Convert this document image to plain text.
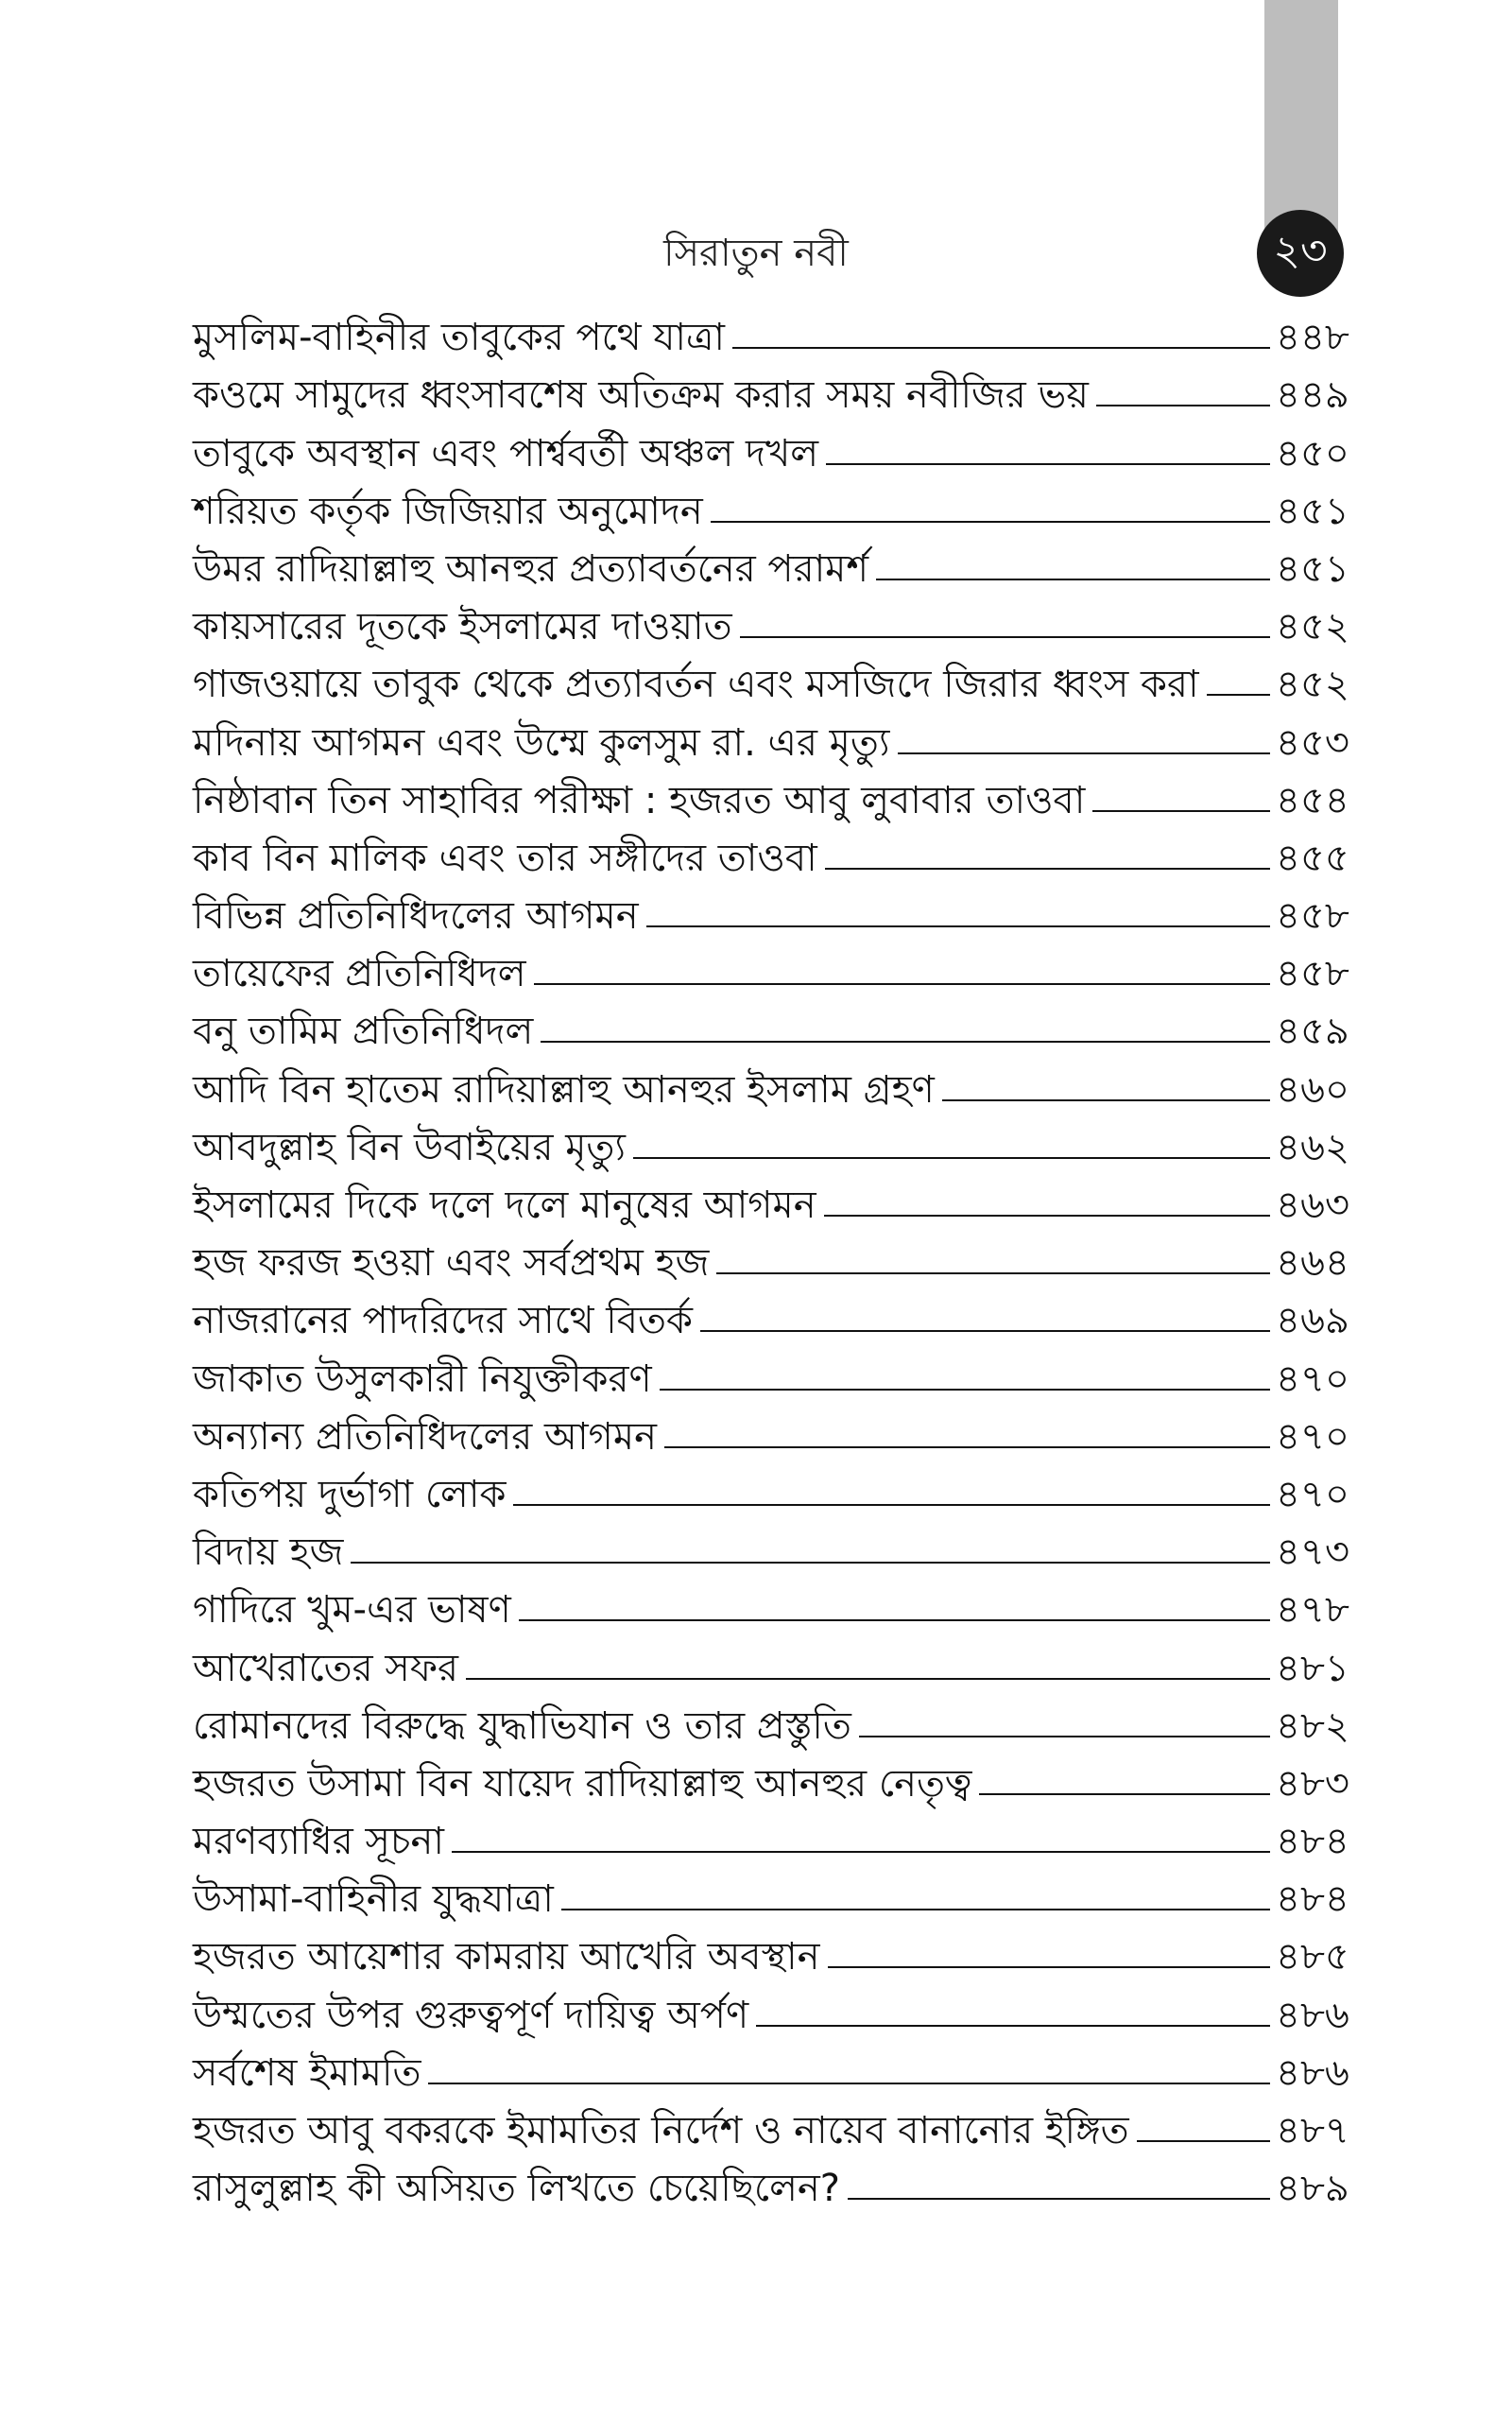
২৩
সিরাতুন নবী
মুসলিম-বাহিনীর তাবুকের পথে যাত্রা	৪৪৮
কওমে সামুদের ধ্বংসাবশেষ অতিক্রম করার সময় নবীজির ভয়	৪৪৯
তাবুকে অবস্থান এবং পার্শ্ববর্তী অঞ্চল দখল	৪৫০
শরিয়ত কর্তৃক জিজিয়ার অনুমোদন	৪৫১
উমর রাদিয়াল্লাহু আনহুর প্রত্যাবর্তনের পরামর্শ	৪৫১
কায়সারের দূতকে ইসলামের দাওয়াত	৪৫২
গাজওয়ায়ে তাবুক থেকে প্রত্যাবর্তন এবং মসজিদে জিরার ধ্বংস করা ৪৫২
মদিনায় আগমন এবং উম্মে কুলসুম রা. এর মৃত্যু	৪৫৩
নিষ্ঠাবান তিন সাহাবির পরীক্ষা : হজরত আবু লুবাবার তাওবা	৪৫৪
কাব বিন মালিক এবং তার সঙ্গীদের তাওবা	৪৫৫
বিভিন্ন প্রতিনিধিদলের আগমন	৪৫৮
তায়েফের প্রতিনিধিদল	৪৫৮
বনু তামিম প্রতিনিধিদল	৪৫৯
আদি বিন হাতেম রাদিয়াল্লাহু আনহুর ইসলাম গ্রহণ	৪৬০
আবদুল্লাহ বিন উবাইয়ের মৃত্যু	৪৬২
ইসলামের দিকে দলে দলে মানুষের আগমন	৪৬৩
হজ ফরজ হওয়া এবং সর্বপ্রথম হজ	৪৬৪
নাজরানের পাদরিদের সাথে বিতর্ক	৪৬৯
জাকাত উসুলকারী নিযুক্তীকরণ	৪৭০
অন্যান্য প্রতিনিধিদলের আগমন	৪৭০
কতিপয় দুর্ভাগা লোক	৪৭০
বিদায় হজ	৪৭৩
গাদিরে খুম-এর ভাষণ	৪৭৮
আখেরাতের সফর	৪৮১
রোমানদের বিরুদ্ধে যুদ্ধাভিযান ও তার প্রস্তুতি	৪৮২
হজরত উসামা বিন যায়েদ রাদিয়াল্লাহু আনহুর নেতৃত্ব	৪৮৩
মরণব্যাধির সূচনা	৪৮৪
উসামা-বাহিনীর যুদ্ধযাত্রা	৪৮৪
হজরত আয়েশার কামরায় আখেরি অবস্থান	৪৮৫
উম্মতের উপর গুরুত্বপূর্ণ দায়িত্ব অর্পণ	৪৮৬
সর্বশেষ ইমামতি	৪৮৬
হজরত আবু বকরকে ইমামতির নির্দেশ ও নায়েব বানানোর ইঙ্গিত	৪৮৭
রাসুলুল্লাহ কী অসিয়ত লিখতে চেয়েছিলেন?	৪৮৯
